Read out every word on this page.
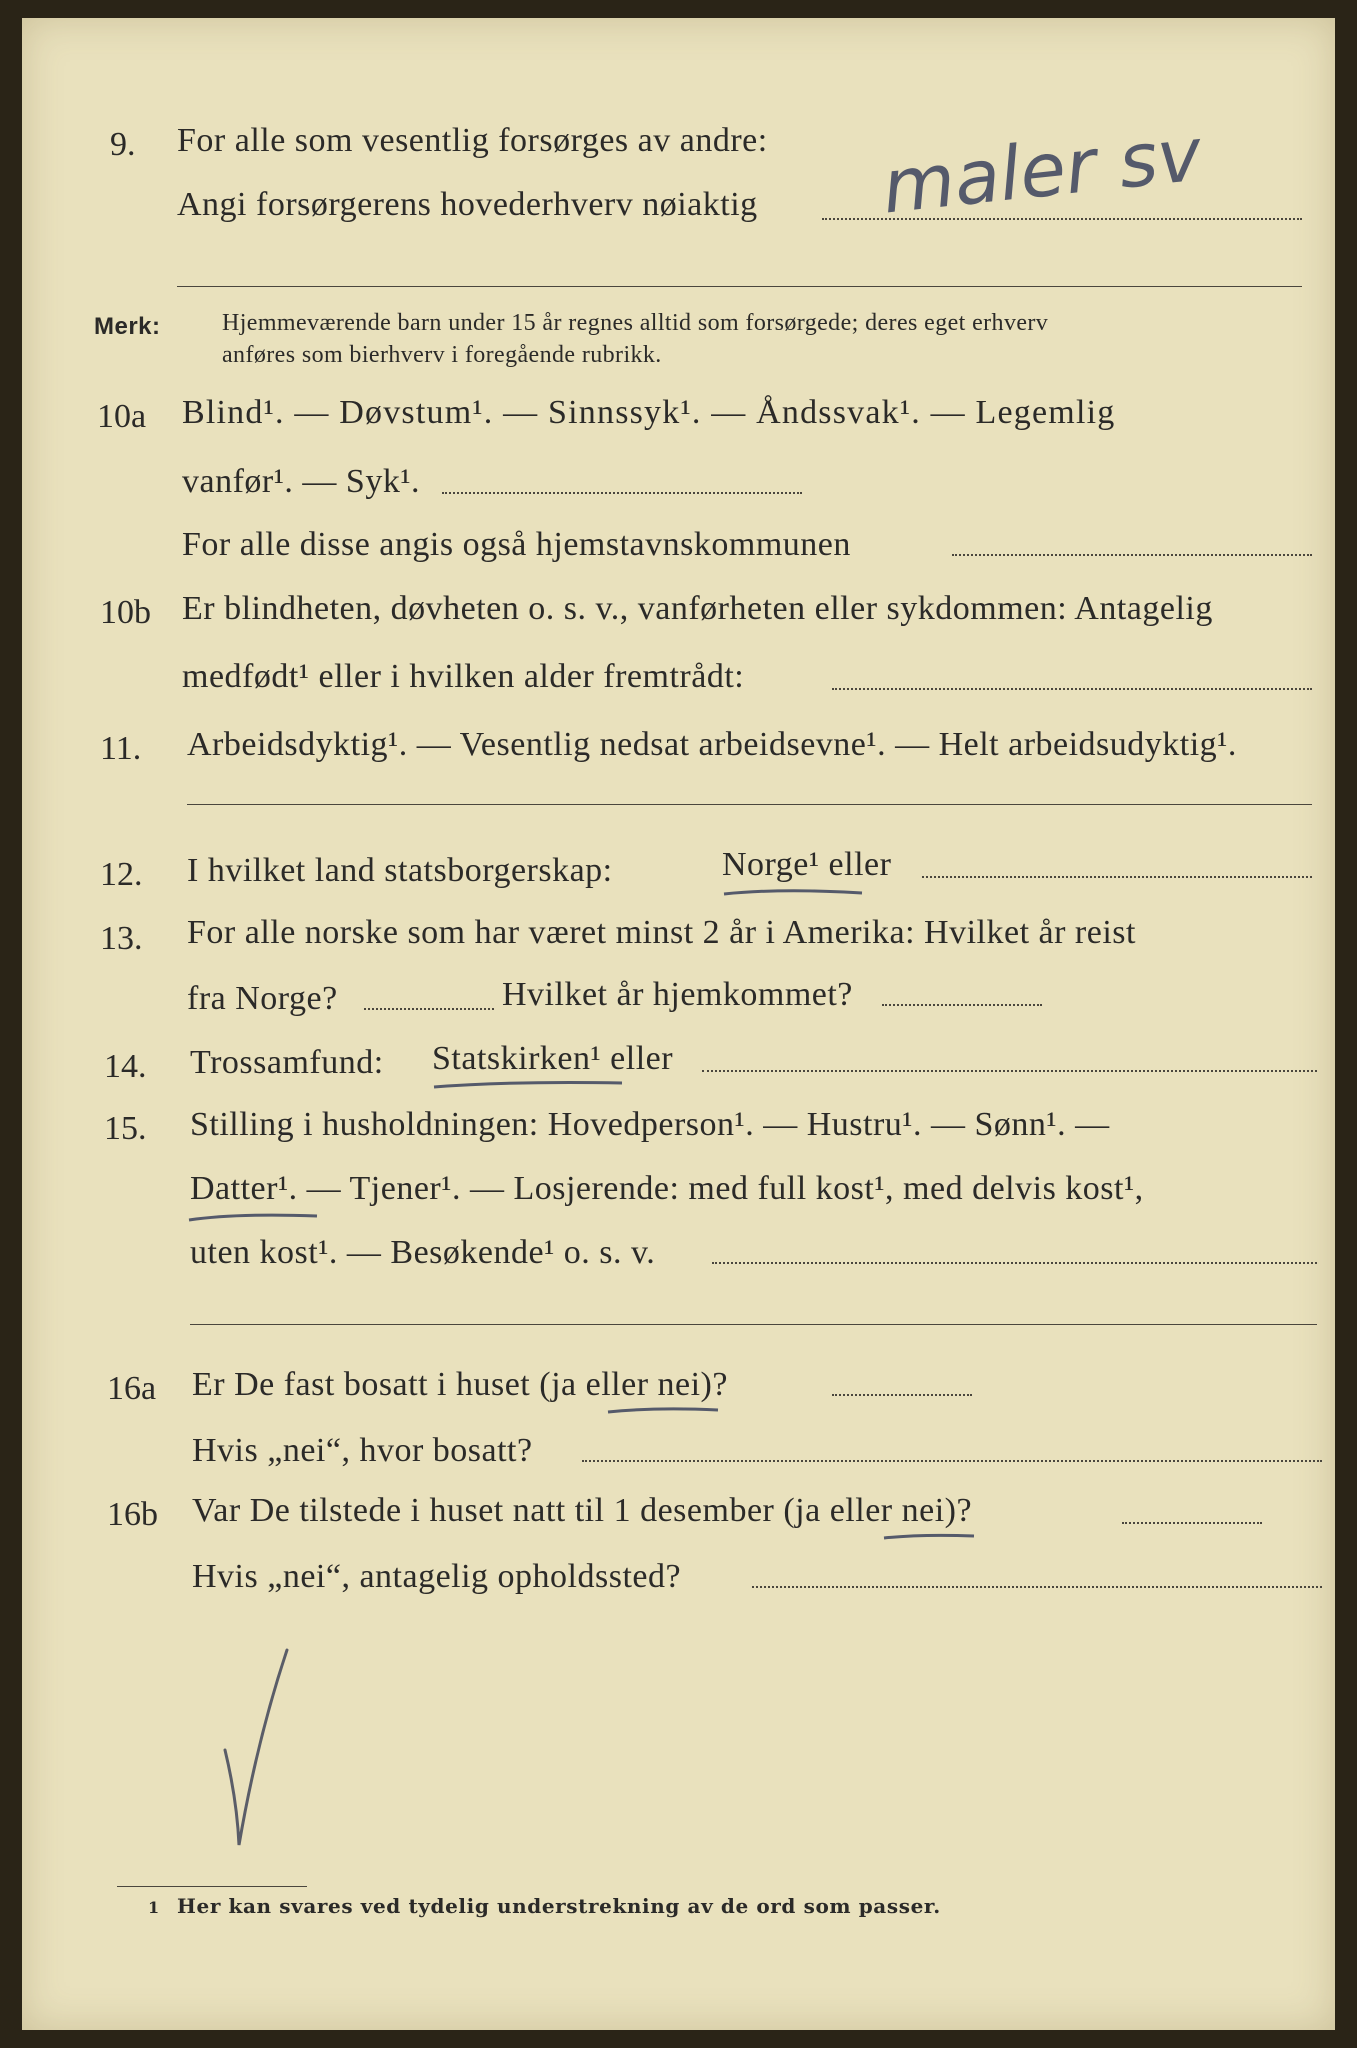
9. For alle som vesentlig forsørges av andre:
Angi forsørgerens hovederhverv nøiaktig maler sv
Merk:	Hjemmeværende barn under 15 år regnes alltid som forsørgede; deres eget erhverv
anføres som bierhverv i foregående rubrikk.
10a Blind¹. — Døvstum¹. — Sinnssyk¹. — Åndssvak¹. — Legemlig
vanfør¹. — Syk¹.
For alle disse angis også hjemstavnskommunen
10b Er blindheten, døvheten o. s. v., vanførheten eller sykdommen: Antagelig
medfødt¹ eller i hvilken alder fremtrådt:
11. Arbeidsdyktig¹. — Vesentlig nedsat arbeidsevne¹. — Helt arbeidsudyktig¹.
12. I hvilket land statsborgerskap:	Norge¹ eller
13. For alle norske som har været minst 2 år i Amerika: Hvilket år reist
fra Norge?	Hvilket år hjemkommet?
14. Trossamfund: Statskirken¹ eller
15. Stilling i husholdningen: Hovedperson¹. — Hustru¹. — Sønn¹. —
Datter¹. — Tjener¹. — Losjerende: med full kost¹, med delvis kost¹,
uten kost¹. — Besøkende¹ o. s. v.
16a Er De fast bosatt i huset (ja eller nei)?
Hvis „nei“, hvor bosatt?
16b Var De tilstede i huset natt til 1 desember (ja eller nei)?
Hvis „nei“, antagelig opholdssted?
1 Her kan svares ved tydelig understrekning av de ord som passer.
